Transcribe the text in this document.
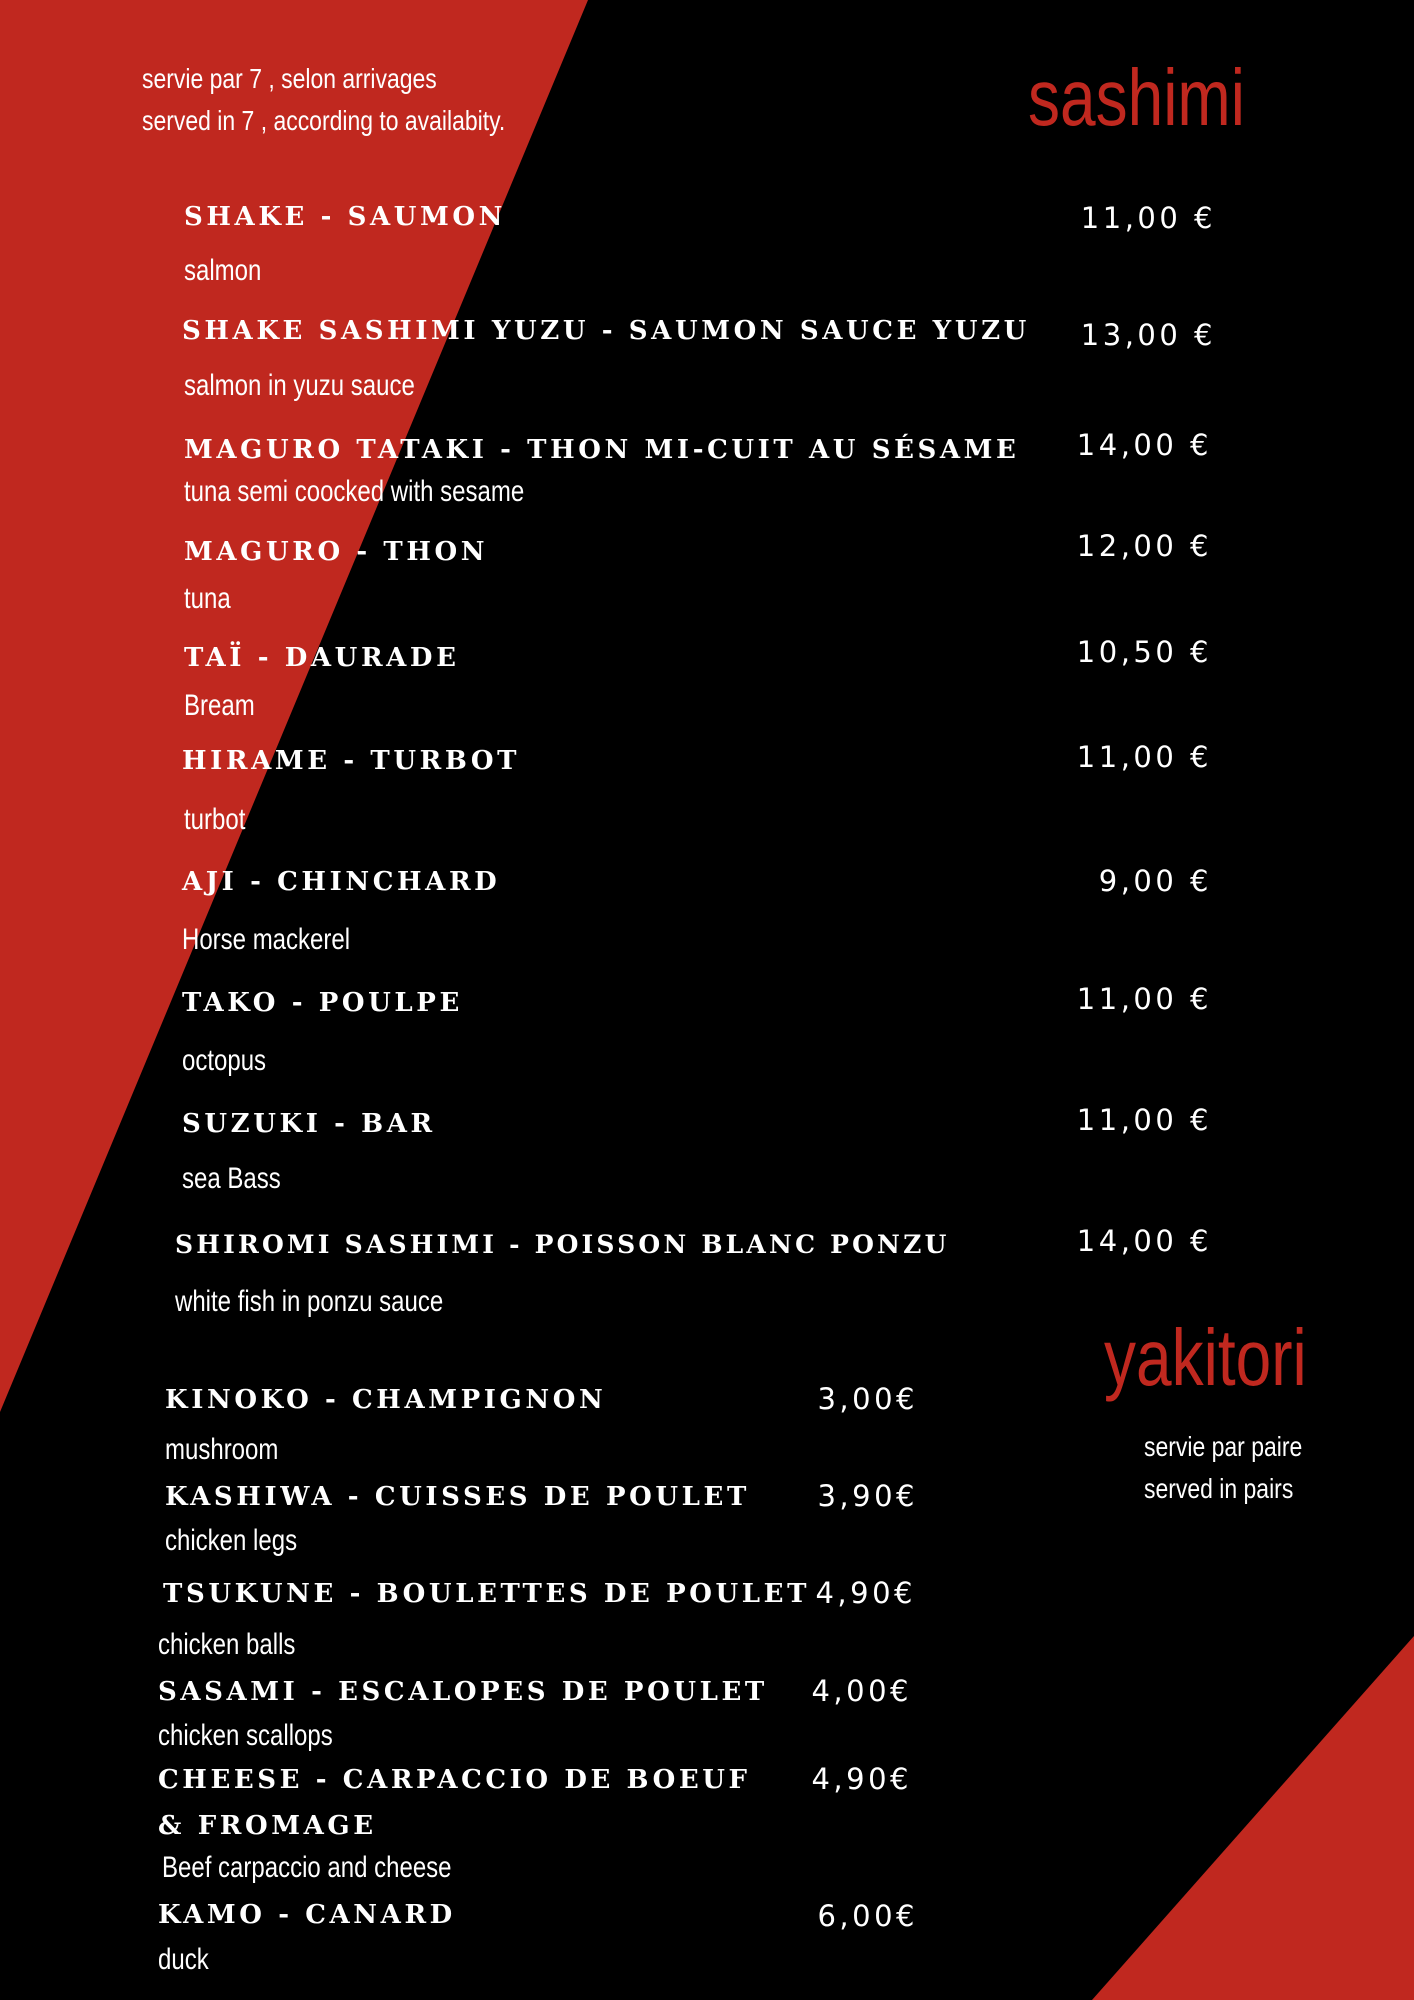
servie par 7 , selon arrivages
served in 7 , according to availabity.	sashimi
SHAKE - SAUMON
salmon
11,00 €
SHAKE SASHIMI YUZU - SAUMON SAUCE YUZU
salmon in yuzu sauce
13,00 €
MAGURO TATAKI - THON MI-CUIT AU SÉSAME
tuna semi coocked with sesame
14,00 €
MAGURO - THON
tuna
12,00 €
TAÏ - DAURADE
Bream
10,50 €
HIRAME - TURBOT
turbot
11,00 €
AJI - CHINCHARD
Horse mackerel
9,00 €
TAKO - POULPE
octopus
11,00 €
SUZUKI - BAR
sea Bass
11,00 €
SHIROMI SASHIMI - POISSON BLANC PONZU
white fish in ponzu sauce
14,00 €
yakitori
servie par paire
served in pairs
KINOKO - CHAMPIGNON
mushroom
3,00€
KASHIWA - CUISSES DE POULET
chicken legs
3,90€
TSUKUNE - BOULETTES DE POULET
chicken balls
4,90€
SASAMI - ESCALOPES DE POULET
chicken scallops
4,00€
CHEESE - CARPACCIO DE BOEUF & FROMAGE
Beef carpaccio and cheese
4,90€
KAMO - CANARD
duck
6,00€
